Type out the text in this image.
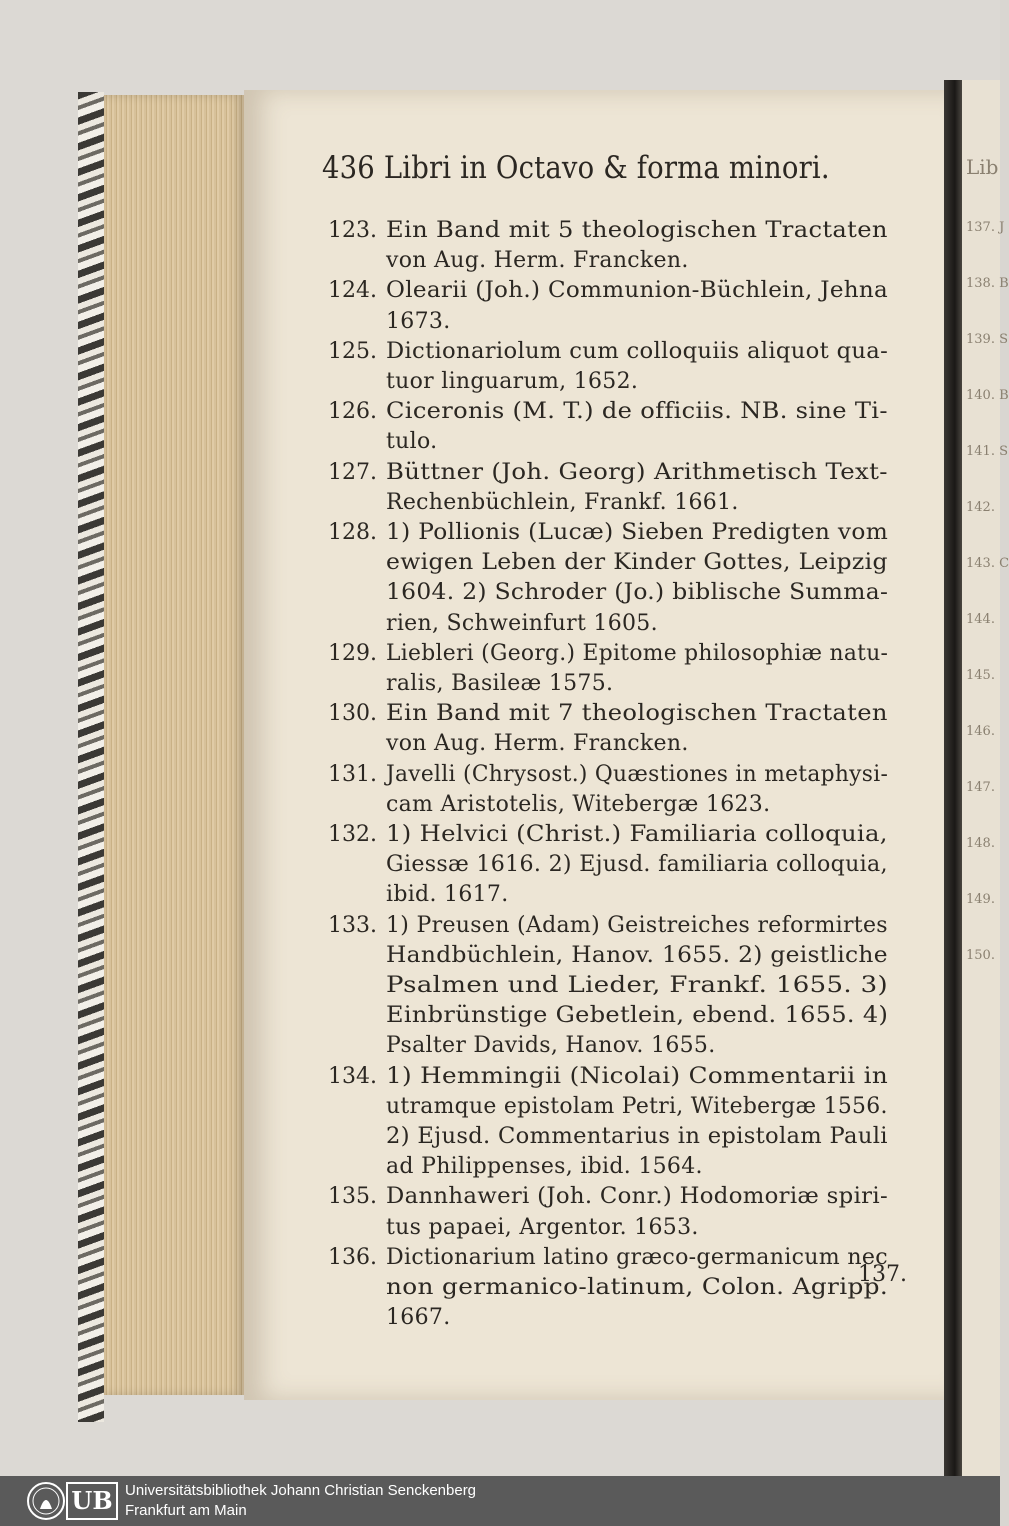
Lib
137. J
138. B
139. S
140. B
141. S
142.
143. C
144.
145.
146.
147.
148.
149.
150.
436 Libri in Octavo & forma minori.
123. Ein Band mit 5 theologischen Tractaten
von Aug. Herm. Francken.
124. Olearii (Joh.) Communion-Büchlein, Jehna
1673.
125. Dictionariolum cum colloquiis aliquot qua-
tuor linguarum, 1652.
126. Ciceronis (M. T.) de officiis. NB. sine Ti-
tulo.
127. Büttner (Joh. Georg) Arithmetisch Text-
Rechenbüchlein, Frankf. 1661.
128. 1) Pollionis (Lucæ) Sieben Predigten vom
ewigen Leben der Kinder Gottes, Leipzig
1604. 2) Schroder (Jo.) biblische Summa-
rien, Schweinfurt 1605.
129. Liebleri (Georg.) Epitome philosophiæ natu-
ralis, Basileæ 1575.
130. Ein Band mit 7 theologischen Tractaten
von Aug. Herm. Francken.
131. Javelli (Chrysost.) Quæstiones in metaphysi-
cam Aristotelis, Witebergæ 1623.
132. 1) Helvici (Christ.) Familiaria colloquia,
Giessæ 1616. 2) Ejusd. familiaria colloquia,
ibid. 1617.
133. 1) Preusen (Adam) Geistreiches reformirtes
Handbüchlein, Hanov. 1655. 2) geistliche
Psalmen und Lieder, Frankf. 1655. 3)
Einbrünstige Gebetlein, ebend. 1655. 4)
Psalter Davids, Hanov. 1655.
134. 1) Hemmingii (Nicolai) Commentarii in
utramque epistolam Petri, Witebergæ 1556.
2) Ejusd. Commentarius in epistolam Pauli
ad Philippenses, ibid. 1564.
135. Dannhaweri (Joh. Conr.) Hodomoriæ spiri-
tus papaei, Argentor. 1653.
136. Dictionarium latino græco-germanicum nec
non germanico-latinum, Colon. Agripp.
1667.
137.
UB Universitätsbibliothek Johann Christian Senckenberg
Frankfurt am Main
